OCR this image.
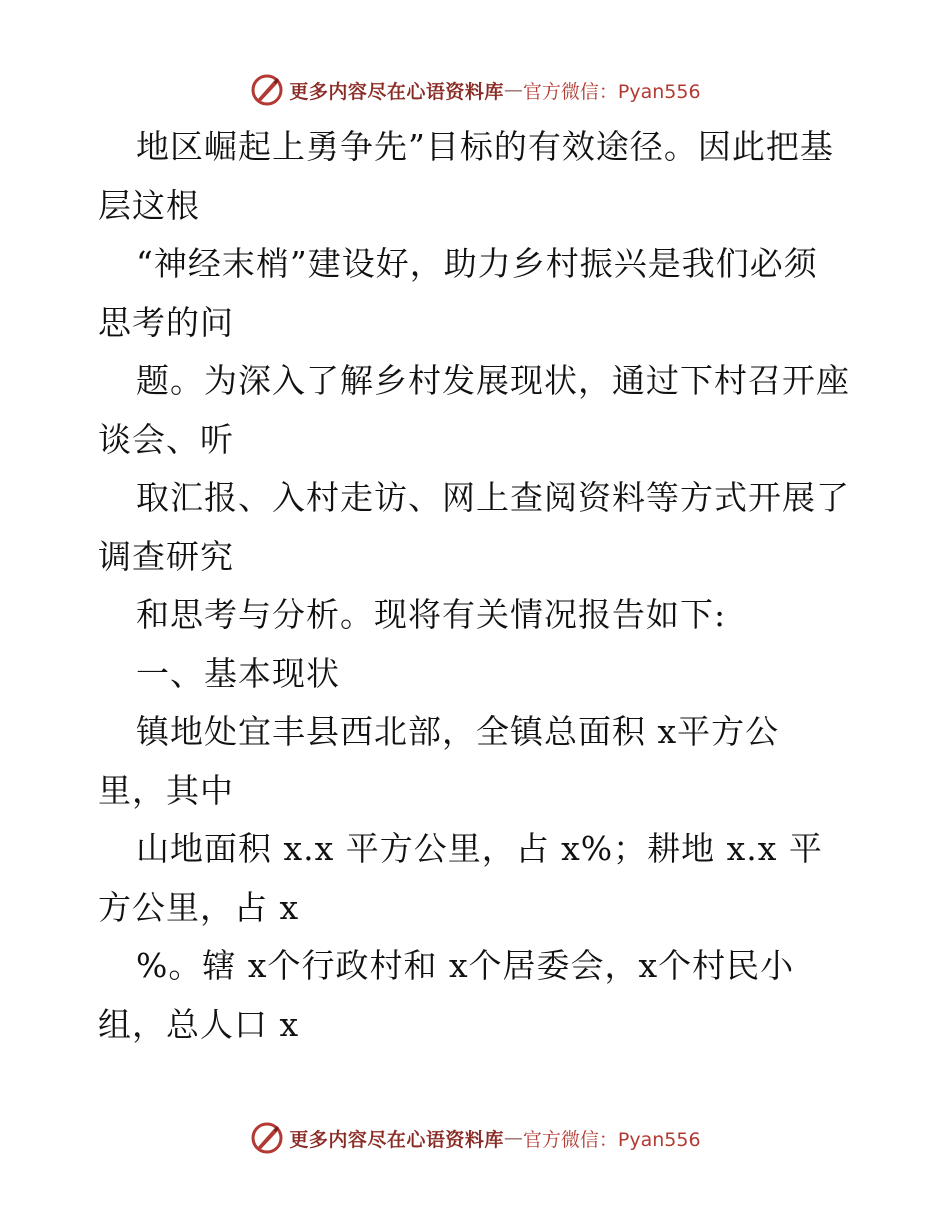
更多内容尽在心语资料库 — 官方微信：Pyan556
地区崛起上勇争先”目标的有效途径。因此把基
层这根
“神经末梢”建设好，助力乡村振兴是我们必须
思考的问
题。为深入了解乡村发展现状，通过下村召开座
谈会、听
取汇报、入村走访、网上查阅资料等方式开展了
调查研究
和思考与分析。现将有关情况报告如下:
一、基本现状
镇地处宜丰县西北部，全镇总面积 x平方公
里，其中
山地面积 x.x 平方公里，占 x%；耕地 x.x 平
方公里，占 x
%。辖 x个行政村和 x个居委会，x个村民小
组，总人口 x
更多内容尽在心语资料库 — 官方微信：Pyan556
